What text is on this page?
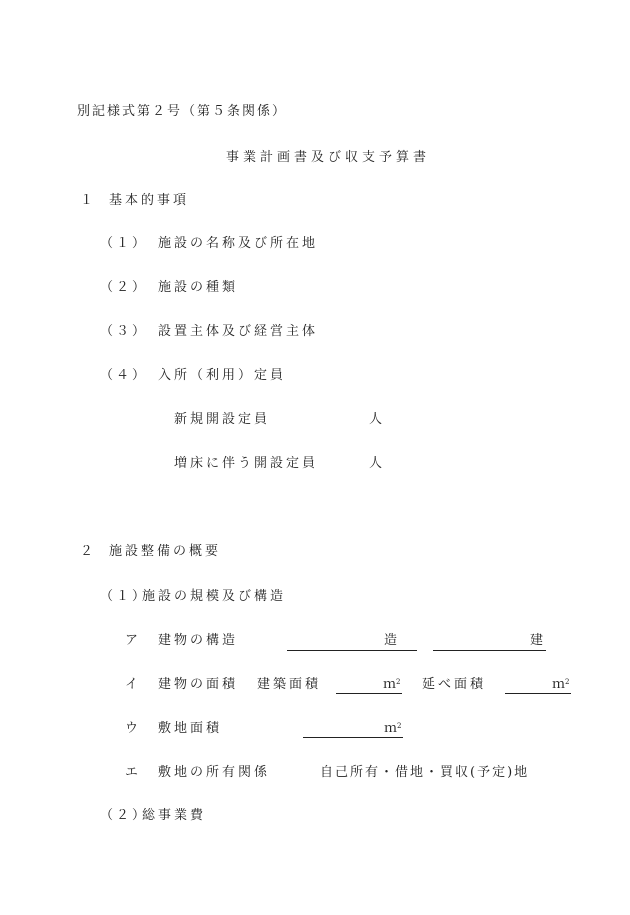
別記様式第２号（第５条関係）
事業計画書及び収支予算書
１ 基本的事項
（１） 施設の名称及び所在地
（２） 施設の種類
（３） 設置主体及び経営主体
（４） 入所（利用）定員
新規開設定員	人
増床に伴う開設定員	人
２ 施設整備の概要
（１）
施設の規模及び構造
ア 建物の構造	造	建
イ 建物の面積 建築面積	ｍ$^2$ 延べ面積	ｍ$^2$
ウ 敷地面積	ｍ$^2$
エ 敷地の所有関係	自己所有・借地・買収(予定)地
（２）
総事業費
